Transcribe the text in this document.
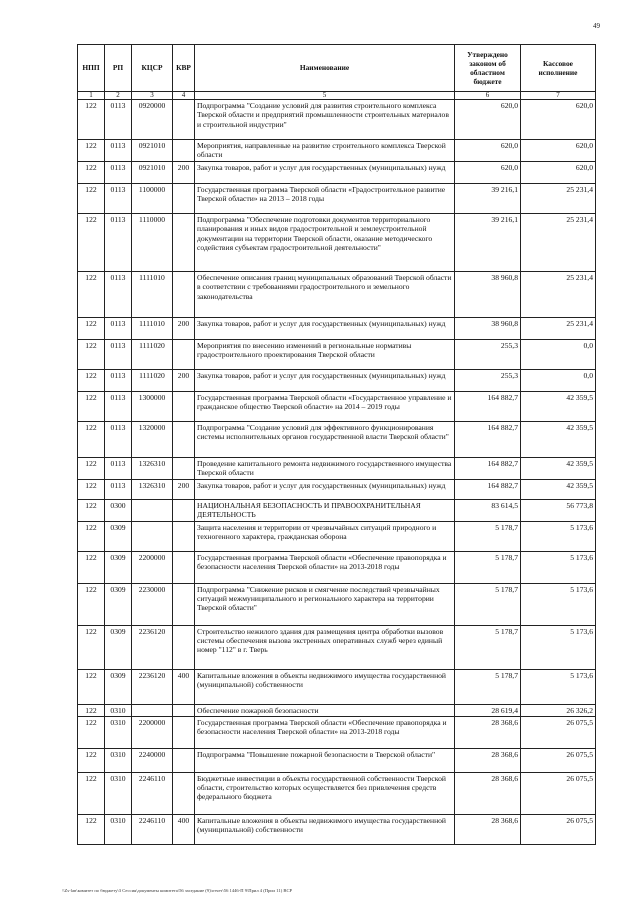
49
НПП	РП	КЦСР	КВР	Наименование	Утверждено законом об областном бюджете	Кассовое исполнение
1	2	3	4	5	6	7
122	0113	0920000		Подпрограмма "Создание условий для развития строительного комплекса Тверской области и предприятий промышленности строительных материалов и строительной индустрии"	620,0	620,0
122	0113	0921010		Мероприятия, направленные на развитие строительного комплекса Тверской области	620,0	620,0
122	0113	0921010	200	Закупка товаров, работ и услуг для государственных (муниципальных) нужд	620,0	620,0
122	0113	1100000		Государственная программа Тверской области «Градостроительное развитие Тверской области» на 2013 – 2018 годы	39 216,1	25 231,4
122	0113	1110000		Подпрограмма "Обеспечение подготовки документов территориального планирования и иных видов градостроительной и землеустроительной документации на территории Тверской области, оказание методического содействия субъектам градостроительной деятельности"	39 216,1	25 231,4
122	0113	1111010		Обеспечение описания границ муниципальных образований Тверской области в соответствии с требованиями градостроительного и земельного законодательства	38 960,8	25 231,4
122	0113	1111010	200	Закупка товаров, работ и услуг для государственных (муниципальных) нужд	38 960,8	25 231,4
122	0113	1111020		Мероприятия по внесению изменений в региональные нормативы градостроительного проектирования Тверской области	255,3	0,0
122	0113	1111020	200	Закупка товаров, работ и услуг для государственных (муниципальных) нужд	255,3	0,0
122	0113	1300000		Государственная программа Тверской области «Государственное управление и гражданское общество Тверской области» на 2014 – 2019 годы	164 882,7	42 359,5
122	0113	1320000		Подпрограмма "Создание условий для эффективного функционирования системы исполнительных органов государственной власти Тверской области"	164 882,7	42 359,5
122	0113	1326310		Проведение капитального ремонта недвижимого государственного имущества Тверской области	164 882,7	42 359,5
122	0113	1326310	200	Закупка товаров, работ и услуг для государственных (муниципальных) нужд	164 882,7	42 359,5
122	0300			НАЦИОНАЛЬНАЯ БЕЗОПАСНОСТЬ И ПРАВООХРАНИТЕЛЬНАЯ ДЕЯТЕЛЬНОСТЬ	83 614,5	56 773,8
122	0309			Защита населения и территории от чрезвычайных ситуаций природного и техногенного характера, гражданская оборона	5 178,7	5 173,6
122	0309	2200000		Государственная программа Тверской области «Обеспечение правопорядка и безопасности населения Тверской области» на 2013-2018 годы	5 178,7	5 173,6
122	0309	2230000		Подпрограмма "Снижение рисков и смягчение последствий чрезвычайных ситуаций межмуниципального и регионального характера на территории Тверской области"	5 178,7	5 173,6
122	0309	2236120		Строительство нежилого здания для размещения центра обработки вызовов системы обеспечения вызова экстренных оперативных служб через единый номер "112" в г. Тверь	5 178,7	5 173,6
122	0309	2236120	400	Капитальные вложения в объекты недвижимого имущества государственной (муниципальной) собственности	5 178,7	5 173,6
122	0310			Обеспечение пожарной безопасности	28 619,4	26 326,2
122	0310	2200000		Государственная программа Тверской области «Обеспечение правопорядка и безопасности населения Тверской области» на 2013-2018 годы	28 368,6	26 075,5
122	0310	2240000		Подпрограмма "Повышение пожарной безопасности в Тверской области"	28 368,6	26 075,5
122	0310	2246110		Бюджетные инвестиции в объекты государственной собственности Тверской области, строительство которых осуществляется без привлечения средств федерального бюджета	28 368,6	26 075,5
122	0310	2246110	400	Капитальные вложения в объекты недвижимого имущества государственной (муниципальной) собственности	28 368,6	26 075,5
\\Zs-lan\комитет по бюджету\3 Сессия\документы комитета\56 заседание (9)\отчет\56 1446-П 9\Прил 4 (Прил 11) ВСР
